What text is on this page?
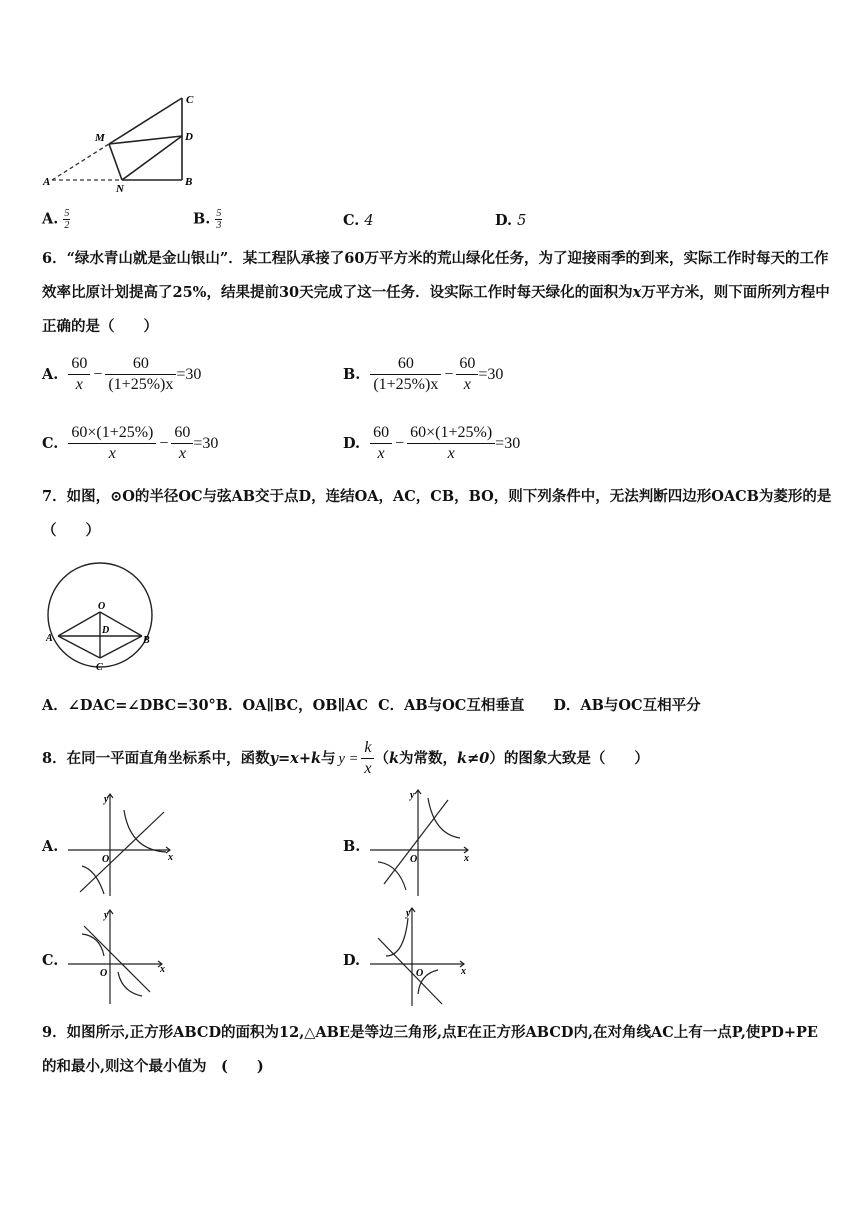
C
M	D
A
N
B
A. $\frac{5}{2}$	B. $\frac{5}{3}$	C. 4	D. 5
6．“绿水青山就是金山银山”．某工程队承接了60万平方米的荒山绿化任务，为了迎接雨季的到来，实际工作时每天的工作效率比原计划提高了25%，结果提前30天完成了这一任务．设实际工作时每天绿化的面积为x万平方米，则下面所列方程中正确的是（　　）
A. $\frac{60}{x} - \frac{60}{(1+25\%)x} =30$	B. $\frac{60}{(1+25\%)x} - \frac{60}{x} =30$
C. $\frac{60\times(1+25\%)}{x} - \frac{60}{x} =30$	D. $\frac{60}{x} - \frac{60\times(1+25\%)}{x} =30$
7．如图，⊙O的半径OC与弦AB交于点D，连结OA，AC，CB，BO，则下列条件中，无法判断四边形OACB为菱形的是（　　）
O
D
A	B
C
A．∠DAC=∠DBC=30°B．OA∥BC，OB∥AC  C．AB与OC互相垂直　　D．AB与OC互相平分
8．在同一平面直角坐标系中，函数 y=x+k 与 $y = \frac{k}{x}$ （ k 为常数， k≠0 ）的图象大致是（　　）
A.
y
x
O
B.
y
x
O
C.
y
x
O
D.
y
x
O
9．如图所示,正方形ABCD的面积为12,△ABE是等边三角形,点E在正方形ABCD内,在对角线AC上有一点P,使PD+PE的和最小,则这个最小值为　(　　)
